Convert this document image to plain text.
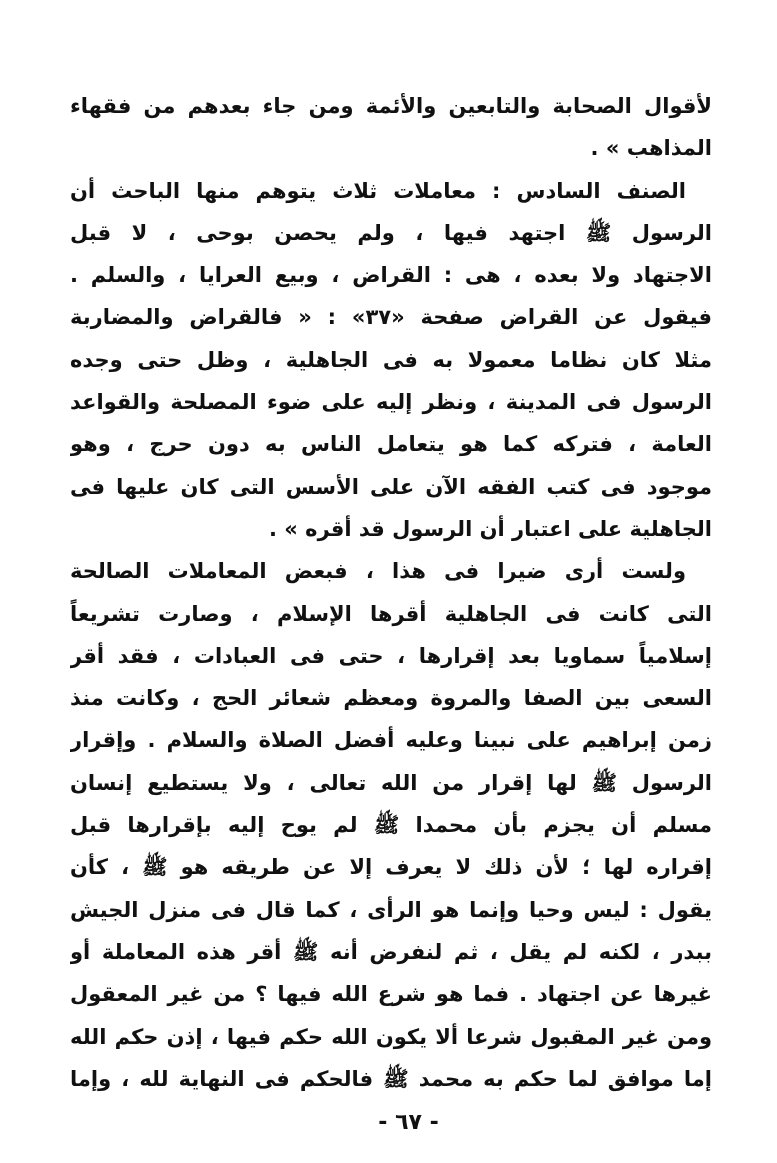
لأقوال الصحابة والتابعين والأئمة ومن جاء بعدهم من فقهاء
المذاهب » .
الصنف السادس : معاملات ثلاث يتوهم منها الباحث أن
الرسول ﷺ اجتهد فيها ، ولم يحصن بوحى ، لا قبل
الاجتهاد ولا بعده ، هى : القراض ، وبيع العرايا ، والسلم .
فيقول عن القراض صفحة «٣٧» : « فالقراض والمضاربة
مثلا كان نظاما معمولا به فى الجاهلية ، وظل حتى وجده
الرسول فى المدينة ، ونظر إليه على ضوء المصلحة والقواعد
العامة ، فتركه كما هو يتعامل الناس به دون حرج ، وهو
موجود فى كتب الفقه الآن على الأسس التى كان عليها فى
الجاهلية على اعتبار أن الرسول قد أقره » .
ولست أرى ضيرا فى هذا ، فبعض المعاملات الصالحة
التى كانت فى الجاهلية أقرها الإسلام ، وصارت تشريعاً
إسلامياً سماويا بعد إقرارها ، حتى فى العبادات ، فقد أقر
السعى بين الصفا والمروة ومعظم شعائر الحج ، وكانت منذ
زمن إبراهيم على نبينا وعليه أفضل الصلاة والسلام . وإقرار
الرسول ﷺ لها إقرار من الله تعالى ، ولا يستطيع إنسان
مسلم أن يجزم بأن محمدا ﷺ لم يوح إليه بإقرارها قبل
إقراره لها ؛ لأن ذلك لا يعرف إلا عن طريقه هو ﷺ ، كأن
يقول : ليس وحيا وإنما هو الرأى ، كما قال فى منزل الجيش
ببدر ، لكنه لم يقل ، ثم لنفرض أنه ﷺ أقر هذه المعاملة أو
غيرها عن اجتهاد . فما هو شرع الله فيها ؟ من غير المعقول
ومن غير المقبول شرعا ألا يكون الله حكم فيها ، إذن حكم الله
إما موافق لما حكم به محمد ﷺ فالحكم فى النهاية لله ، وإما
- ٦٧ -
